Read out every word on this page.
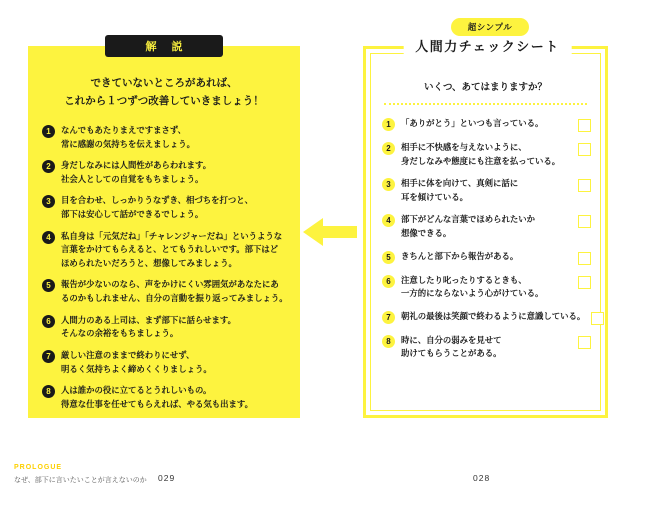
できていないところがあれば、
これから１つずつ改善していきましょう！
1	なんでもあたりまえですまさず、
常に感謝の気持ちを伝えましょう。
2	身だしなみには人間性があらわれます。
社会人としての自覚をもちましょう。
3	目を合わせ、しっかりうなずき、相づちを打つと、
部下は安心して話ができるでしょう。
4	私自身は「元気だね」「チャレンジャーだね」というような
言葉をかけてもらえると、とてもうれしいです。部下はど
ほめられたいだろうと、想像してみましょう。
5	報告が少ないのなら、声をかけにくい雰囲気があなたにあ
るのかもしれません、自分の言動を振り返ってみましょう。
6	人間力のある上司は、まず部下に話らせます。
そんなの余裕をもちましょう。
7	厳しい注意のままで終わりにせず、
明るく気持ちよく締めくくりましょう。
8	人は誰かの役に立てるとうれしいもの。
得意な仕事を任せてもらえれば、やる気も出ます。
解 説
PROLOGUE
なぜ、部下に言いたいことが言えないのか 029
いくつ、あてはまりますか？
1	「ありがとう」といつも言っている。
2	相手に不快感を与えないように、
身だしなみや態度にも注意を払っている。
3	相手に体を向けて、真剣に話に
耳を傾けている。
4	部下がどんな言葉でほめられたいか
想像できる。
5	きちんと部下から報告がある。
6	注意したり叱ったりするときも、
一方的にならないよう心がけている。
7	朝礼の最後は笑顔で終わるように意識している。
8	時に、自分の弱みを見せて
助けてもらうことがある。
超シンプル
人間力チェックシート
028
